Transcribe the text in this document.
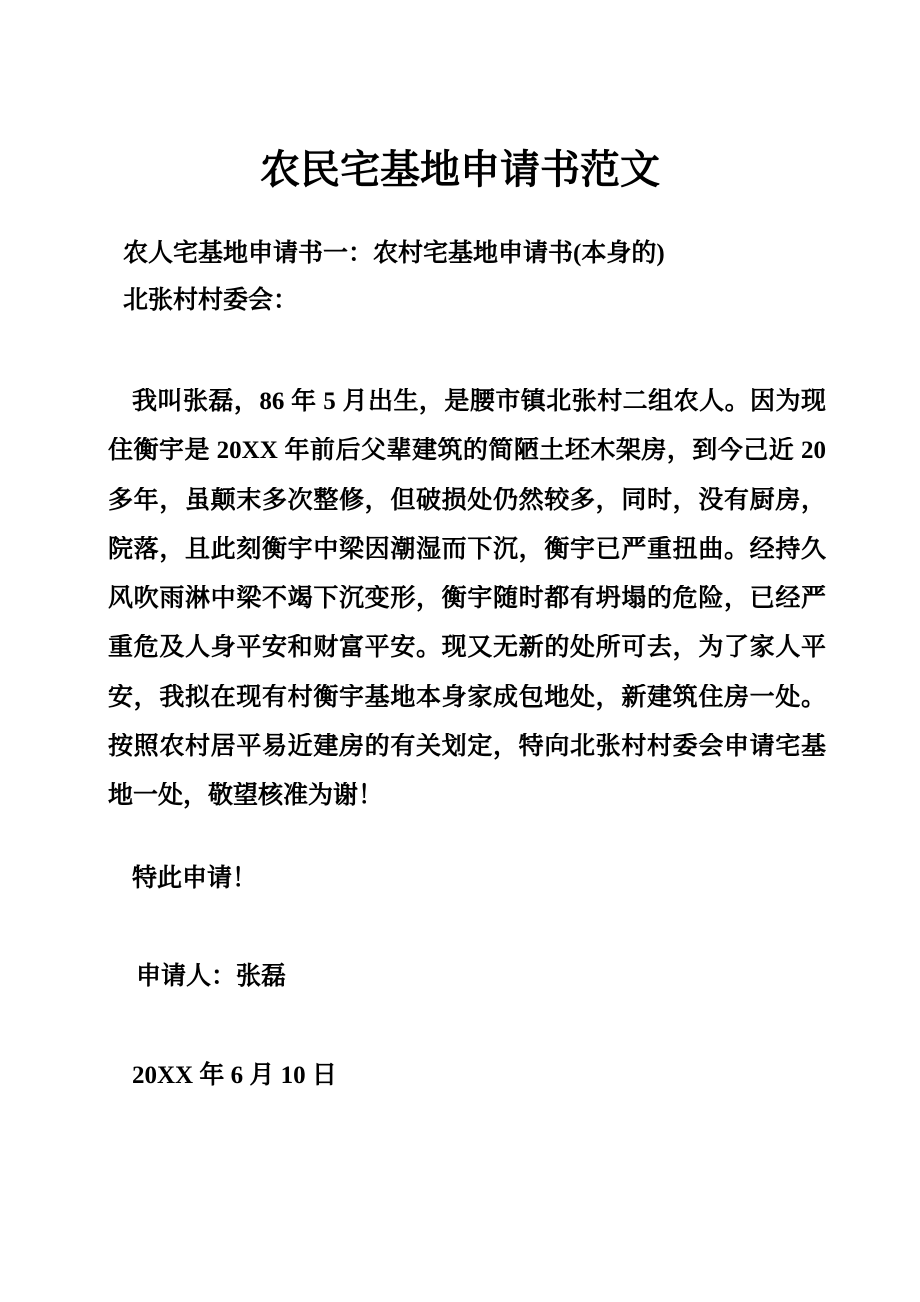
农民宅基地申请书范文
农人宅基地申请书一：农村宅基地申请书(本身的)
北张村村委会：
我叫张磊，86 年 5 月出生，是腰市镇北张村二组农人。因为现
住衡宇是 20XX 年前后父辈建筑的简陋土坯木架房，到今己近 20
多年，虽颠末多次整修，但破损处仍然较多，同时，没有厨房，
院落，且此刻衡宇中梁因潮湿而下沉，衡宇已严重扭曲。经持久
风吹雨淋中梁不竭下沉变形，衡宇随时都有坍塌的危险，已经严
重危及人身平安和财富平安。现又无新的处所可去，为了家人平
安，我拟在现有村衡宇基地本身家成包地处，新建筑住房一处。
按照农村居平易近建房的有关划定，特向北张村村委会申请宅基
地一处，敬望核准为谢！
特此申请！
申请人：张磊
20XX 年 6 月 10 日
